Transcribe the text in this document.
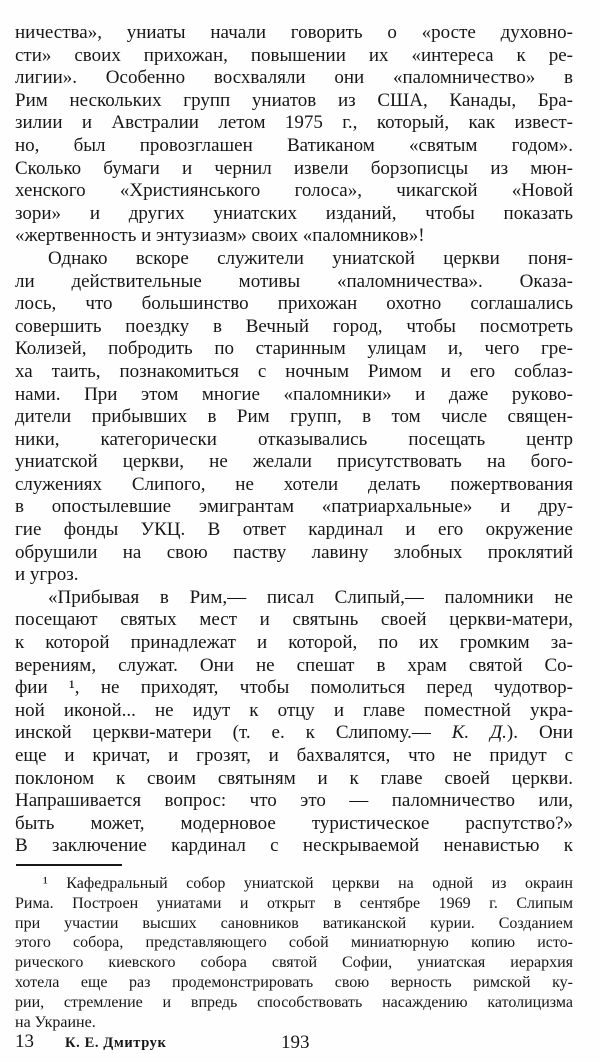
ничества», униаты начали говорить о «росте духовно-
сти» своих прихожан, повышении их «интереса к ре-
лигии». Особенно восхваляли они «паломничество» в
Рим нескольких групп униатов из США, Канады, Бра-
зилии и Австралии летом 1975 г., который, как извест-
но, был провозглашен Ватиканом «святым годом».
Сколько бумаги и чернил извели борзописцы из мюн-
хенского «Християнського голоса», чикагской «Новой
зори» и других униатских изданий, чтобы показать
«жертвенность и энтузиазм» своих «паломников»!
Однако вскоре служители униатской церкви поня-
ли действительные мотивы «паломничества». Оказа-
лось, что большинство прихожан охотно соглашались
совершить поездку в Вечный город, чтобы посмотреть
Колизей, побродить по старинным улицам и, чего гре-
ха таить, познакомиться с ночным Римом и его соблаз-
нами. При этом многие «паломники» и даже руково-
дители прибывших в Рим групп, в том числе священ-
ники, категорически отказывались посещать центр
униатской церкви, не желали присутствовать на бого-
служениях Слипого, не хотели делать пожертвования
в опостылевшие эмигрантам «патриархальные» и дру-
гие фонды УКЦ. В ответ кардинал и его окружение
обрушили на свою паству лавину злобных проклятий
и угроз.
«Прибывая в Рим,— писал Слипый,— паломники не
посещают святых мест и святынь своей церкви-матери,
к которой принадлежат и которой, по их громким за-
верениям, служат. Они не спешат в храм святой Со-
фии ¹, не приходят, чтобы помолиться перед чудотвор-
ной иконой... не идут к отцу и главе поместной укра-
инской церкви-матери (т. е. к Слипому.— К. Д.). Они
еще и кричат, и грозят, и бахвалятся, что не придут с
поклоном к своим святыням и к главе своей церкви.
Напрашивается вопрос: что это — паломничество или,
быть может, модерновое туристическое распутство?»
В заключение кардинал с нескрываемой ненавистью к
¹ Кафедральный собор униатской церкви на одной из окраин
Рима. Построен униатами и открыт в сентябре 1969 г. Слипым
при участии высших сановников ватиканской курии. Созданием
этого собора, представляющего собой миниатюрную копию исто-
рического киевского собора святой Софии, униатская иерархия
хотела еще раз продемонстрировать свою верность римской ку-
рии, стремление и впредь способствовать насаждению католицизма
на Украине.
13 К. Е. Дмитрук	193
